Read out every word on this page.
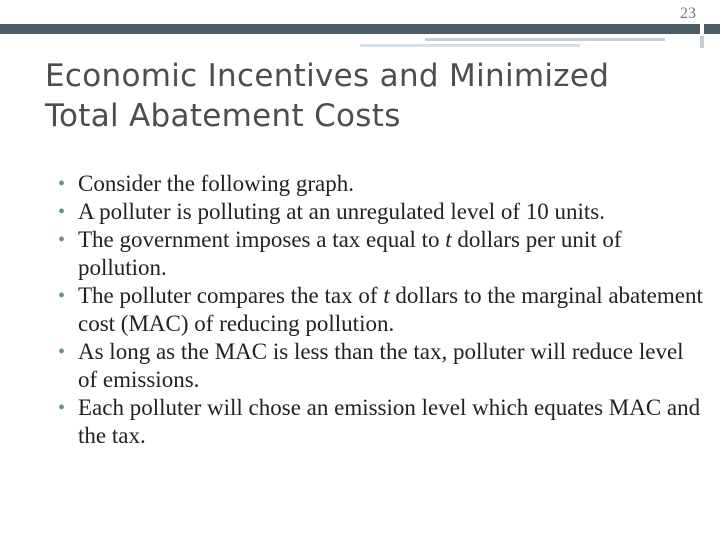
23
Economic Incentives and Minimized
Total Abatement Costs
• Consider the following graph.
• A polluter is polluting at an unregulated level of 10 units.
• The government imposes a tax equal to t dollars per unit of pollution.
• The polluter compares the tax of t dollars to the marginal abatement cost (MAC) of reducing pollution.
• As long as the MAC is less than the tax, polluter will reduce level of emissions.
• Each polluter will chose an emission level which equates MAC and the tax.
